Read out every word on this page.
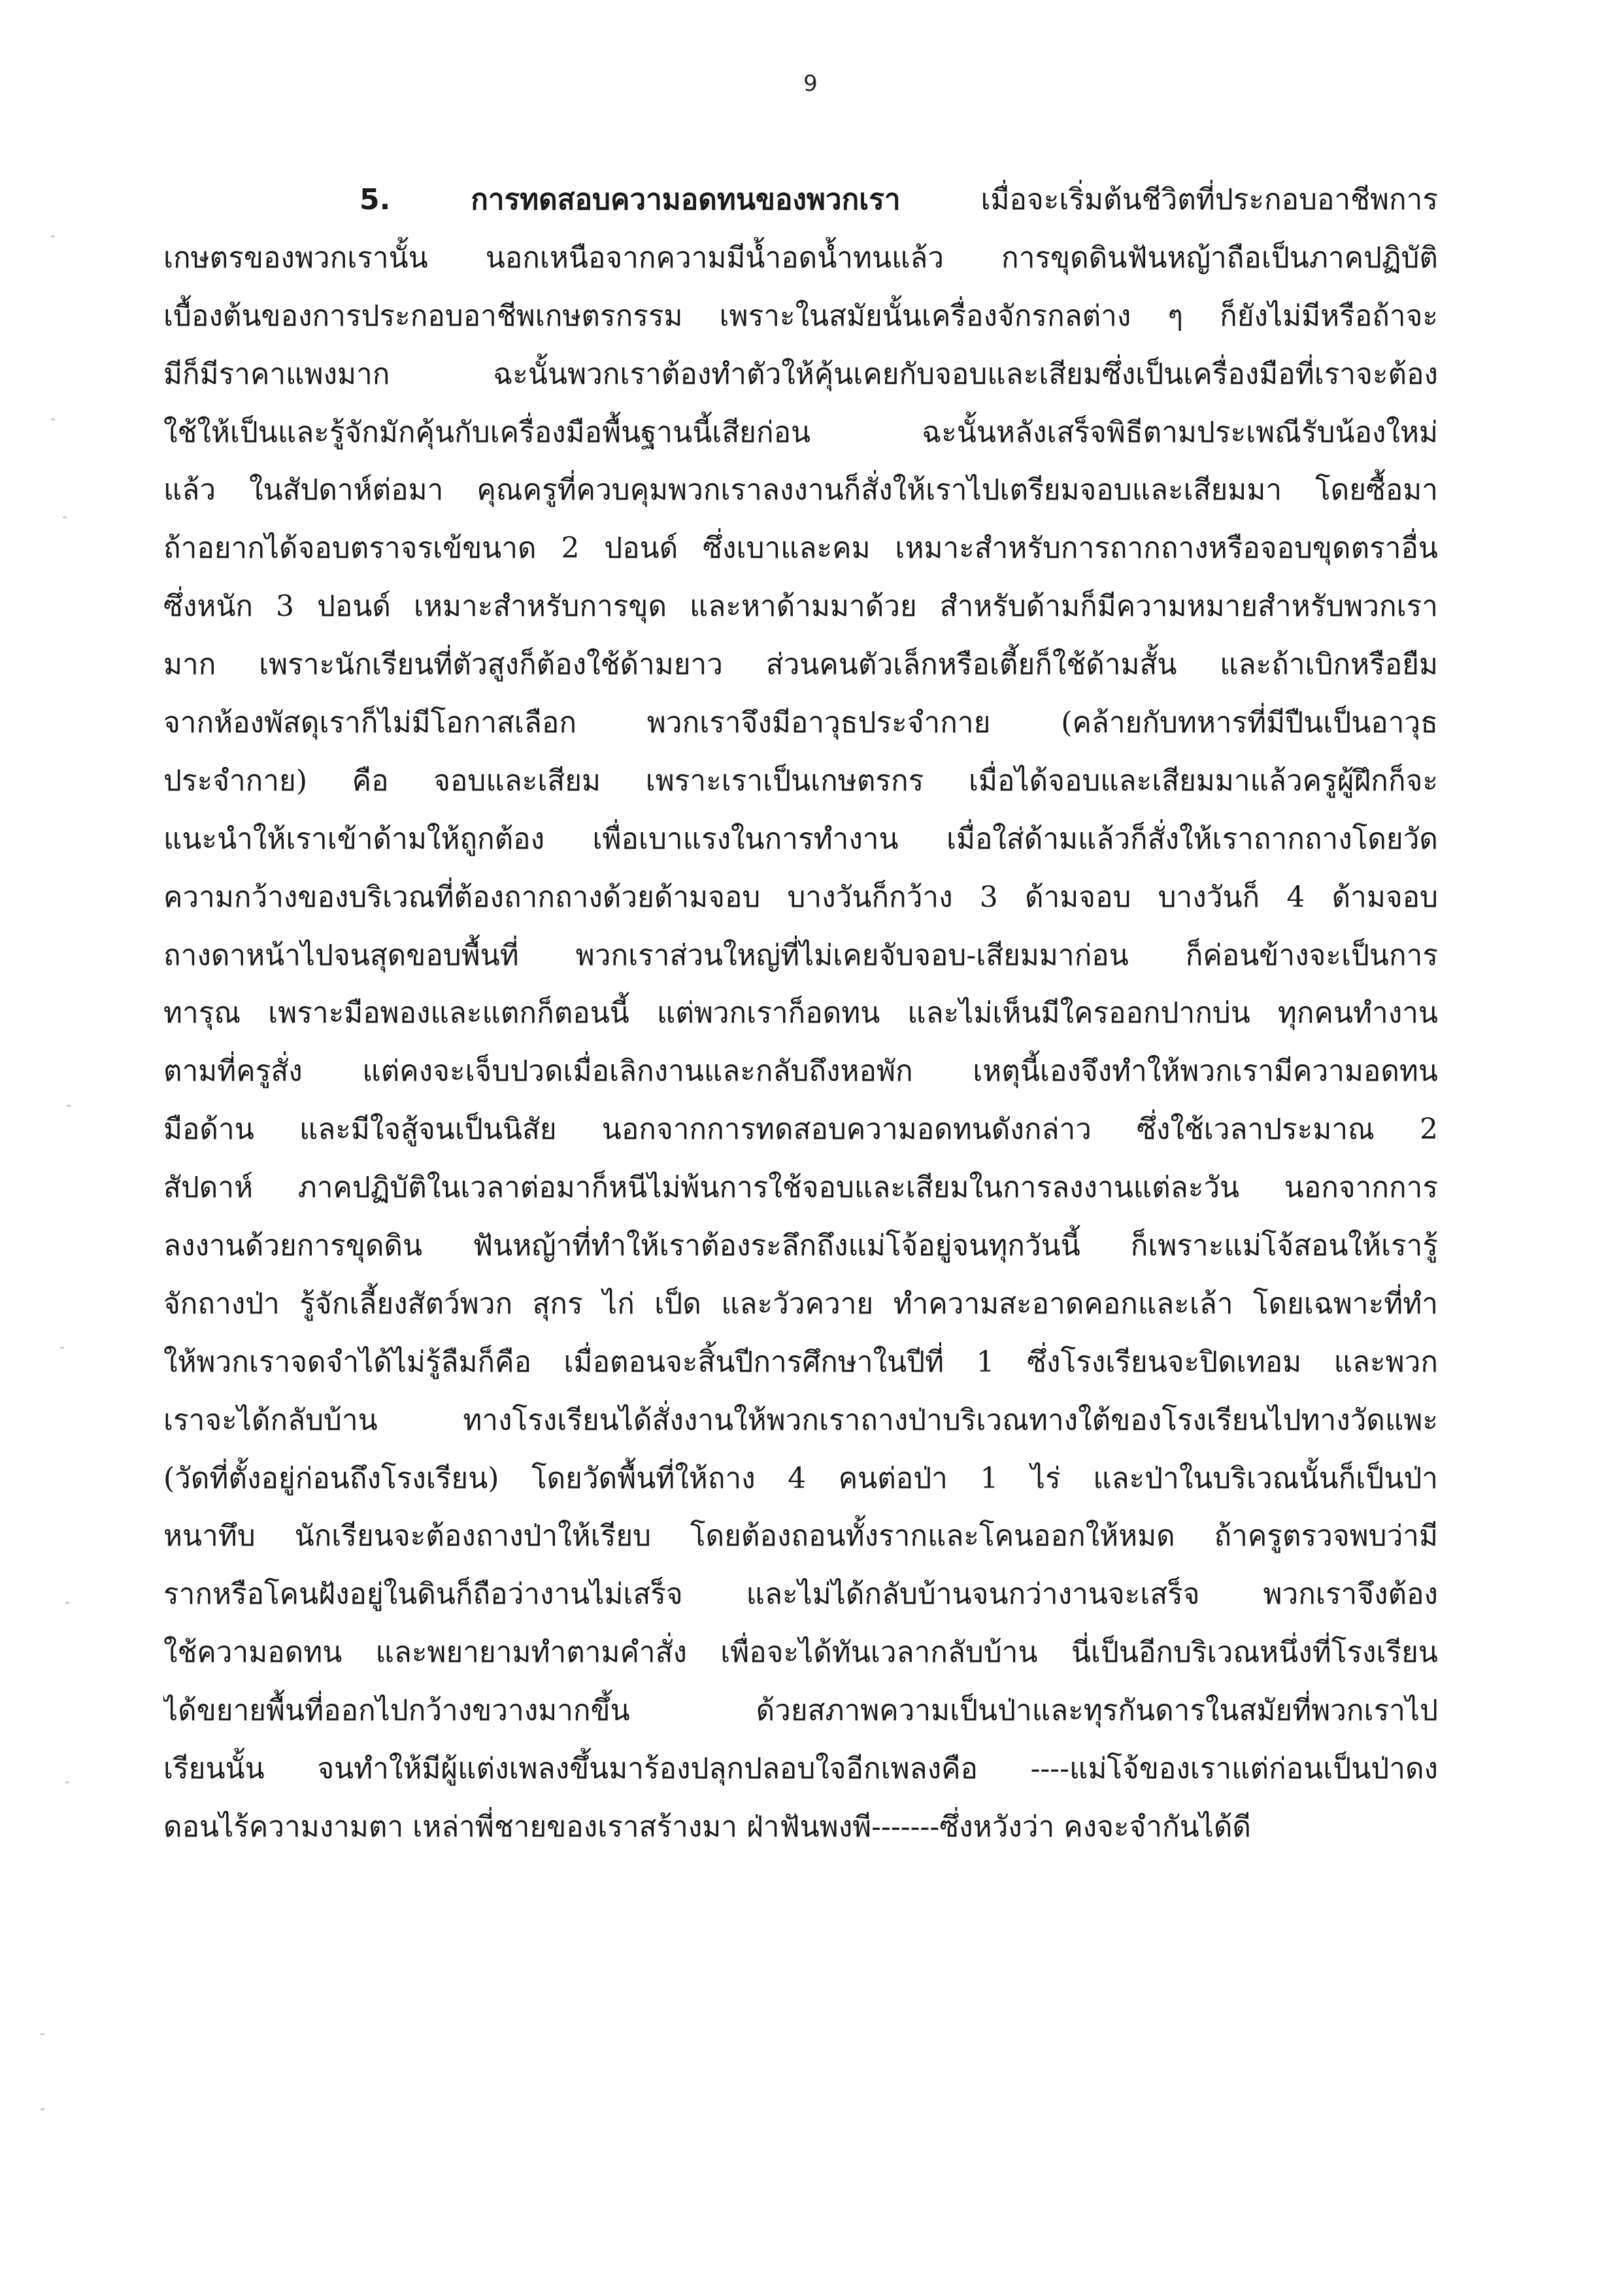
9
5.	การทดสอบความอดทนของพวกเรา	เมื่อจะเริ่มต้นชีวิตที่ประกอบอาชีพการ
เกษตรของพวกเรานั้น นอกเหนือจากความมีน้ำอดน้ำทนแล้ว การขุดดินฟันหญ้าถือเป็นภาคปฏิบัติ
เบื้องต้นของการประกอบอาชีพเกษตรกรรม เพราะในสมัยนั้นเครื่องจักรกลต่าง ๆ ก็ยังไม่มีหรือถ้าจะ
มีก็มีราคาแพงมาก ฉะนั้นพวกเราต้องทำตัวให้คุ้นเคยกับจอบและเสียมซึ่งเป็นเครื่องมือที่เราจะต้อง
ใช้ให้เป็นและรู้จักมักคุ้นกับเครื่องมือพื้นฐานนี้เสียก่อน ฉะนั้นหลังเสร็จพิธีตามประเพณีรับน้องใหม่
แล้ว ในสัปดาห์ต่อมา คุณครูที่ควบคุมพวกเราลงงานก็สั่งให้เราไปเตรียมจอบและเสียมมา โดยซื้อมา
ถ้าอยากได้จอบตราจรเข้ขนาด 2 ปอนด์ ซึ่งเบาและคม เหมาะสำหรับการถากถางหรือจอบขุดตราอื่น
ซึ่งหนัก 3 ปอนด์ เหมาะสำหรับการขุด และหาด้ามมาด้วย สำหรับด้ามก็มีความหมายสำหรับพวกเรา
มาก เพราะนักเรียนที่ตัวสูงก็ต้องใช้ด้ามยาว ส่วนคนตัวเล็กหรือเตี้ยก็ใช้ด้ามสั้น และถ้าเบิกหรือยืม
จากห้องพัสดุเราก็ไม่มีโอกาสเลือก พวกเราจึงมีอาวุธประจำกาย (คล้ายกับทหารที่มีปืนเป็นอาวุธ
ประจำกาย) คือ จอบและเสียม เพราะเราเป็นเกษตรกร เมื่อได้จอบและเสียมมาแล้วครูผู้ฝึกก็จะ
แนะนำให้เราเข้าด้ามให้ถูกต้อง เพื่อเบาแรงในการทำงาน เมื่อใส่ด้ามแล้วก็สั่งให้เราถากถางโดยวัด
ความกว้างของบริเวณที่ต้องถากถางด้วยด้ามจอบ บางวันก็กว้าง 3 ด้ามจอบ บางวันก็ 4 ด้ามจอบ
ถางดาหน้าไปจนสุดขอบพื้นที่ พวกเราส่วนใหญ่ที่ไม่เคยจับจอบ-เสียมมาก่อน ก็ค่อนข้างจะเป็นการ
ทารุณ เพราะมือพองและแตกก็ตอนนี้ แต่พวกเราก็อดทน และไม่เห็นมีใครออกปากบ่น ทุกคนทำงาน
ตามที่ครูสั่ง แต่คงจะเจ็บปวดเมื่อเลิกงานและกลับถึงหอพัก เหตุนี้เองจึงทำให้พวกเรามีความอดทน
มือด้าน และมีใจสู้จนเป็นนิสัย นอกจากการทดสอบความอดทนดังกล่าว ซึ่งใช้เวลาประมาณ 2
สัปดาห์ ภาคปฏิบัติในเวลาต่อมาก็หนีไม่พ้นการใช้จอบและเสียมในการลงงานแต่ละวัน นอกจากการ
ลงงานด้วยการขุดดิน ฟันหญ้าที่ทำให้เราต้องระลึกถึงแม่โจ้อยู่จนทุกวันนี้ ก็เพราะแม่โจ้สอนให้เรารู้
จักถางป่า รู้จักเลี้ยงสัตว์พวก สุกร ไก่ เป็ด และวัวควาย ทำความสะอาดคอกและเล้า โดยเฉพาะที่ทำ
ให้พวกเราจดจำได้ไม่รู้ลืมก็คือ เมื่อตอนจะสิ้นปีการศึกษาในปีที่ 1 ซึ่งโรงเรียนจะปิดเทอม และพวก
เราจะได้กลับบ้าน ทางโรงเรียนได้สั่งงานให้พวกเราถางป่าบริเวณทางใต้ของโรงเรียนไปทางวัดแพะ
(วัดที่ตั้งอยู่ก่อนถึงโรงเรียน) โดยวัดพื้นที่ให้ถาง 4 คนต่อป่า 1 ไร่ และป่าในบริเวณนั้นก็เป็นป่า
หนาทึบ นักเรียนจะต้องถางป่าให้เรียบ โดยต้องถอนทั้งรากและโคนออกให้หมด ถ้าครูตรวจพบว่ามี
รากหรือโคนฝังอยู่ในดินก็ถือว่างานไม่เสร็จ และไม่ได้กลับบ้านจนกว่างานจะเสร็จ พวกเราจึงต้อง
ใช้ความอดทน และพยายามทำตามคำสั่ง เพื่อจะได้ทันเวลากลับบ้าน นี่เป็นอีกบริเวณหนึ่งที่โรงเรียน
ได้ขยายพื้นที่ออกไปกว้างขวางมากขึ้น ด้วยสภาพความเป็นป่าและทุรกันดารในสมัยที่พวกเราไป
เรียนนั้น จนทำให้มีผู้แต่งเพลงขึ้นมาร้องปลุกปลอบใจอีกเพลงคือ ----แม่โจ้ของเราแต่ก่อนเป็นป่าดง
ดอนไร้ความงามตา เหล่าพี่ชายของเราสร้างมา ฝ่าฟันพงพี-------ซึ่งหวังว่า คงจะจำกันได้ดี
